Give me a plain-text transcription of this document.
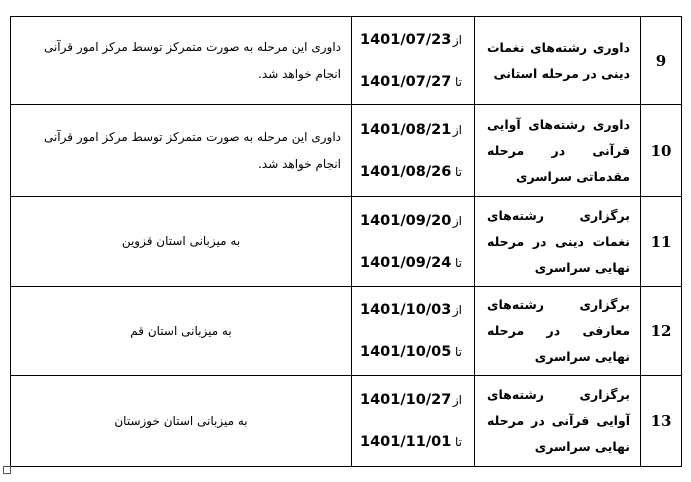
9	داوری رشته‌های نغمات دینی در مرحله استانی	از
1401/07/23
تا
1401/07/27	داوری این مرحله به صورت متمرکز توسط مرکز امور قرآنی انجام خواهد شد.
10	داوری رشته‌های آوایی قرآنی در مرحله مقدماتی سراسری	از
1401/08/21
تا
1401/08/26	داوری این مرحله به صورت متمرکز توسط مرکز امور قرآنی انجام خواهد شد.
11	برگزاری رشته‌های نغمات دینی در مرحله نهایی سراسری	از
1401/09/20
تا
1401/09/24	به میزبانی استان قزوین
12	برگزاری رشته‌های معارفی در مرحله نهایی سراسری	از
1401/10/03
تا
1401/10/05	به میزبانی استان قم
13	برگزاری رشته‌های آوایی قرآنی در مرحله نهایی سراسری	از
1401/10/27
تا
1401/11/01	به میزبانی استان خوزستان
